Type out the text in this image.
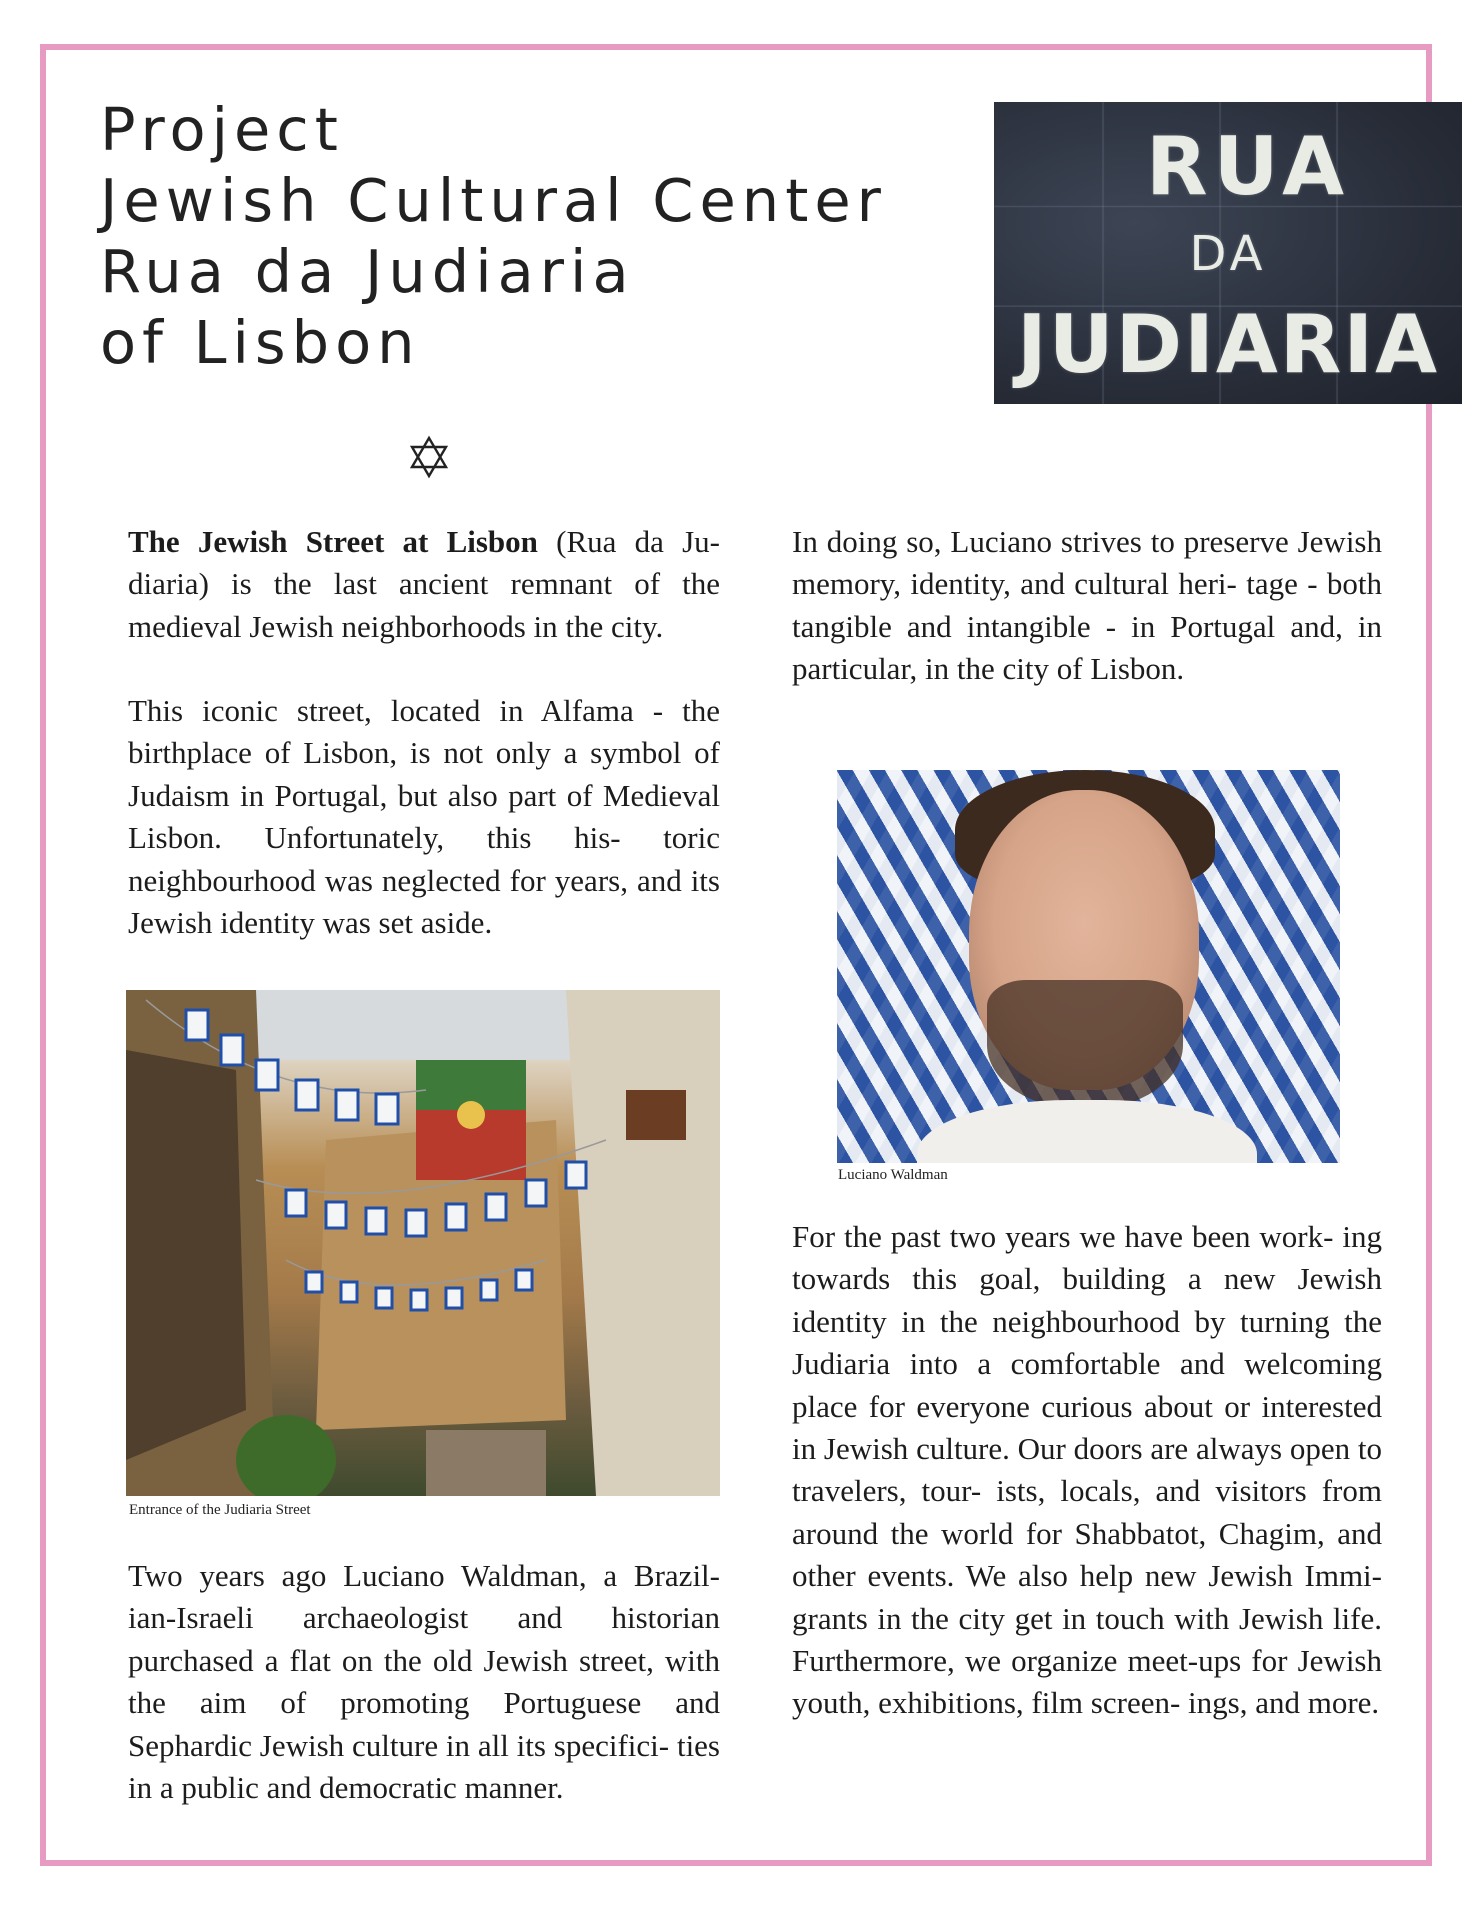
Project
Jewish Cultural Center
Rua da Judiaria
of Lisbon
RUA
DA
JUDIARIA

The Jewish Street at Lisbon (Rua da Ju- diaria) is the last ancient remnant of the medieval Jewish neighborhoods in the city.

This iconic street, located in Alfama - the birthplace of Lisbon, is not only a symbol of Judaism in Portugal, but also part of Medieval Lisbon. Unfortunately, this his- toric neighbourhood was neglected for years, and its Jewish identity was set aside.

Entrance of the Judiaria Street

Two years ago Luciano Waldman, a Brazil- ian-Israeli archaeologist and historian purchased a flat on the old Jewish street, with the aim of promoting Portuguese and Sephardic Jewish culture in all its specifici- ties in a public and democratic manner.

In doing so, Luciano strives to preserve Jewish memory, identity, and cultural heri- tage - both tangible and intangible - in Portugal and, in particular, in the city of Lisbon.

Luciano Waldman

For the past two years we have been work- ing towards this goal, building a new Jewish identity in the neighbourhood by turning the Judiaria into a comfortable and welcoming place for everyone curious about or interested in Jewish culture. Our doors are always open to travelers, tour- ists, locals, and visitors from around the world for Shabbatot, Chagim, and other events. We also help new Jewish Immi- grants in the city get in touch with Jewish life. Furthermore, we organize meet-ups for Jewish youth, exhibitions, film screen- ings, and more.
